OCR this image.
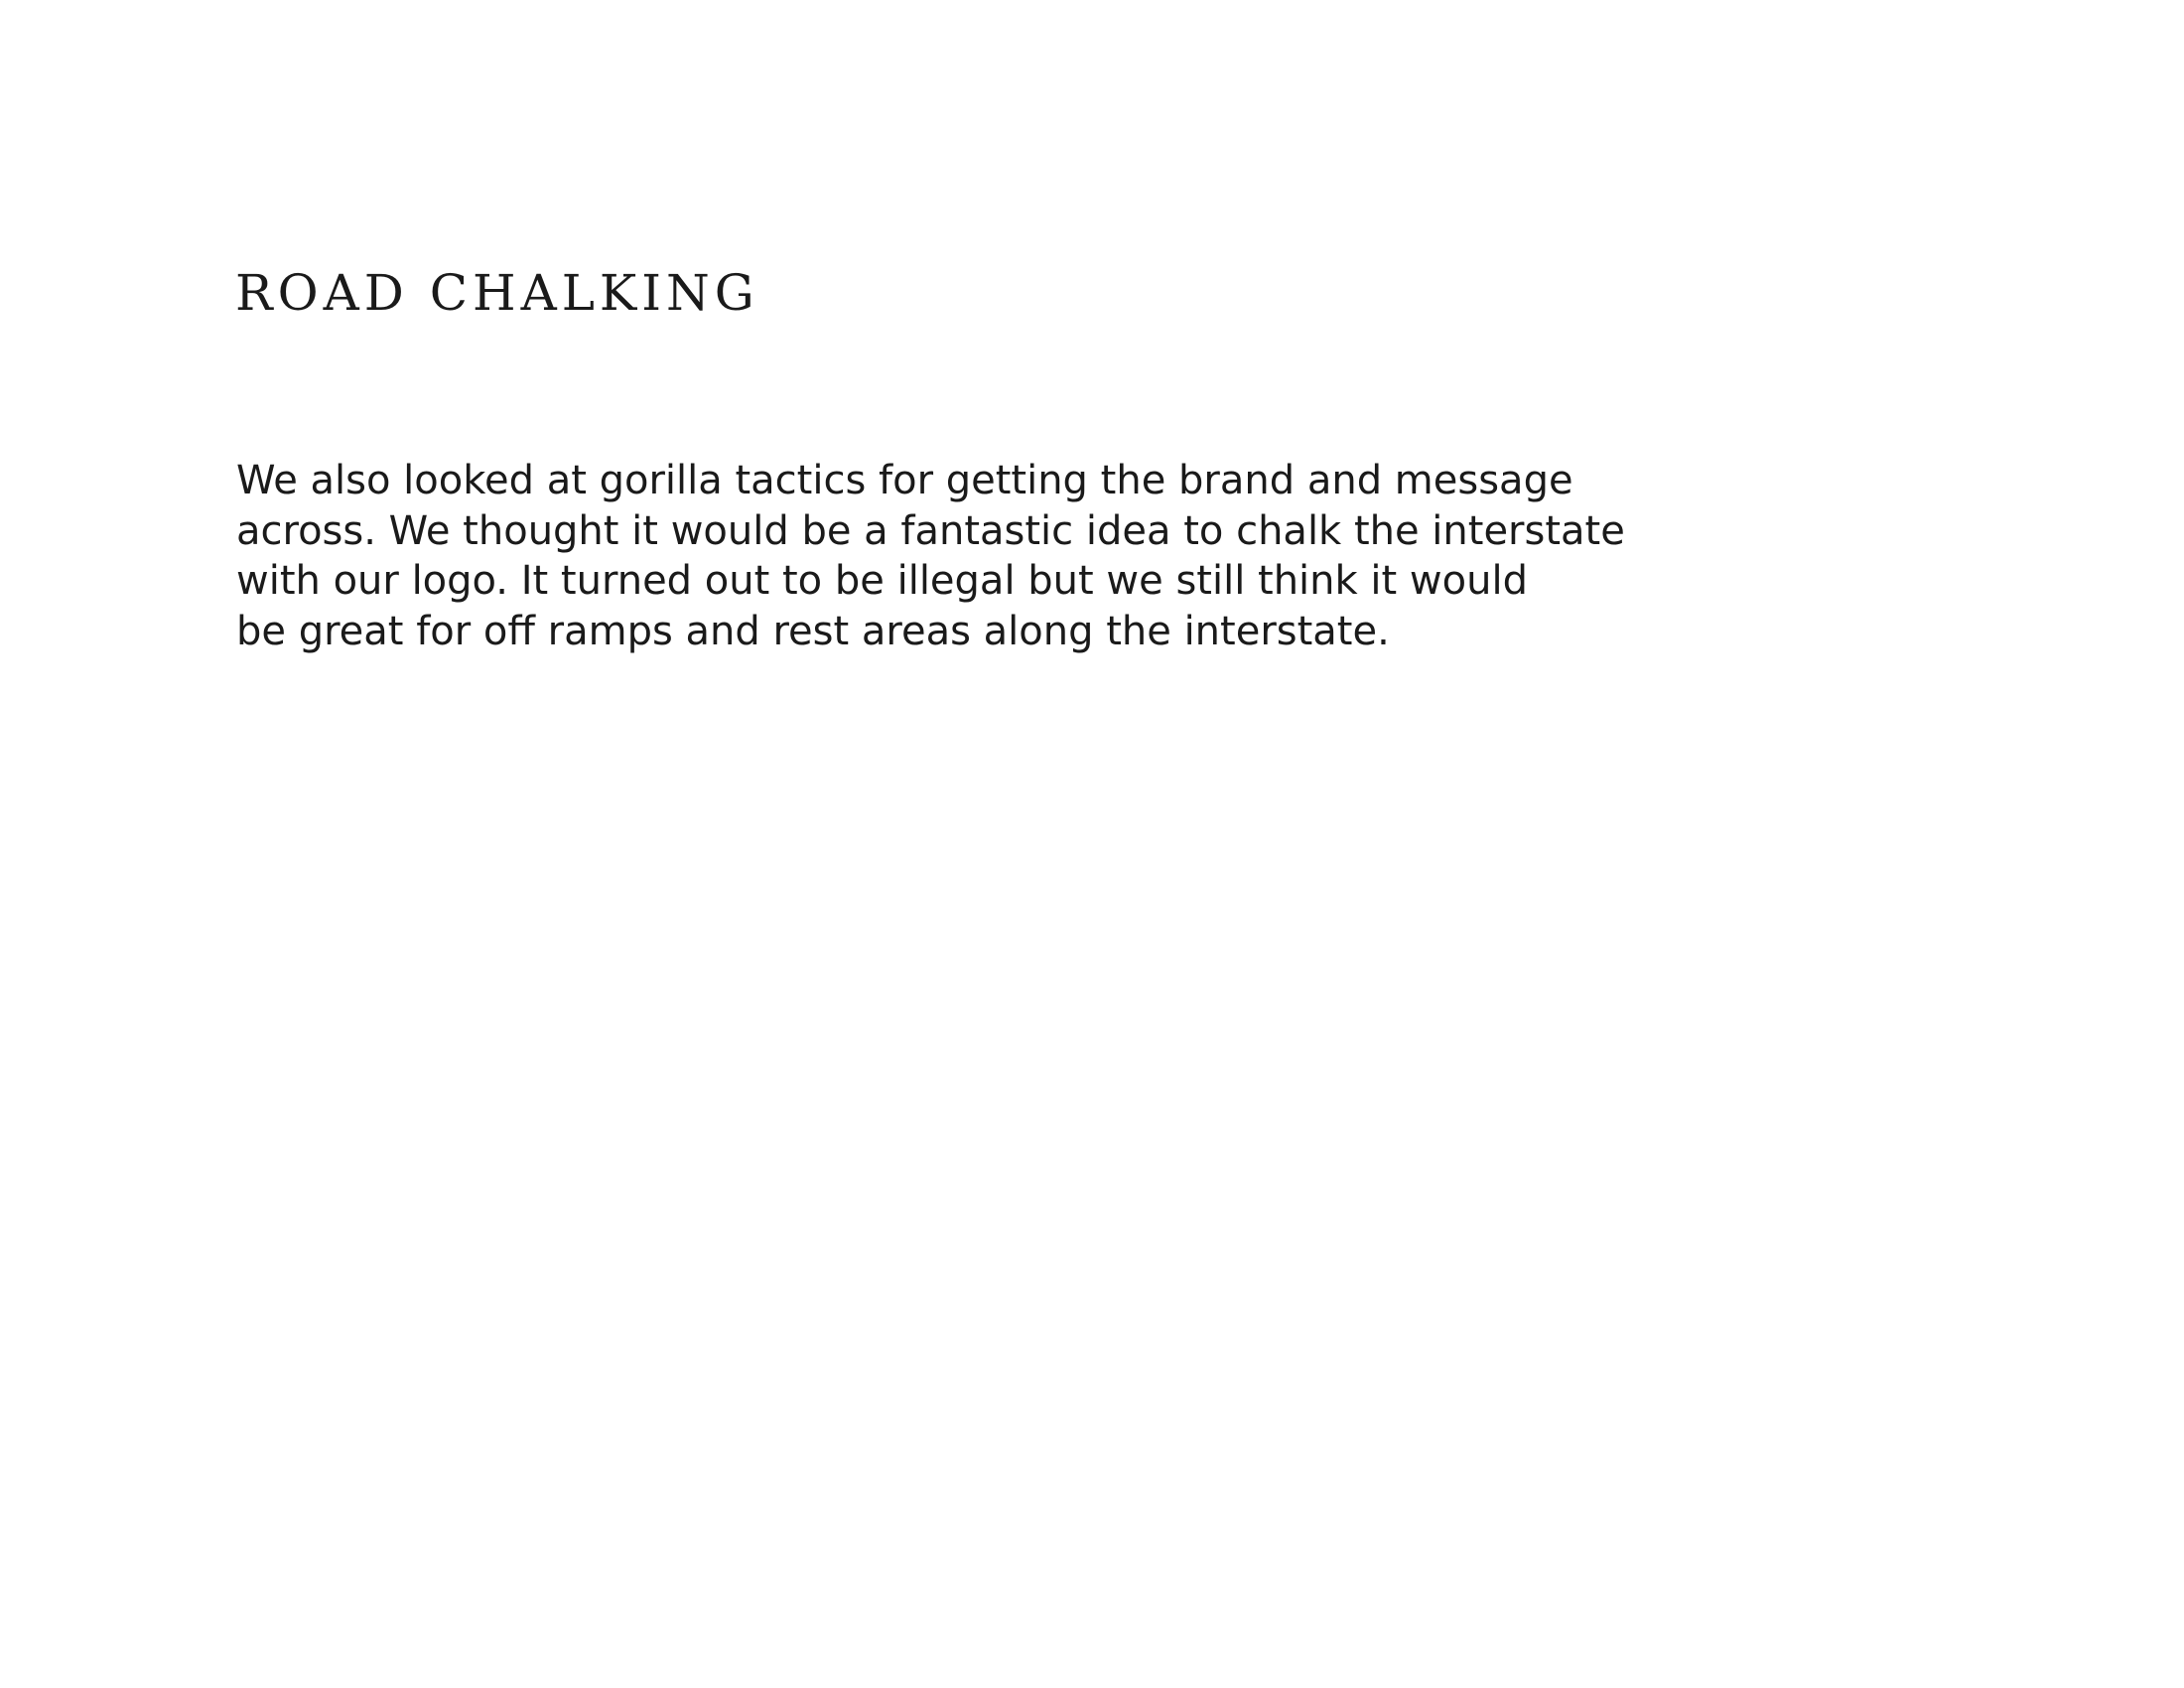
ROAD CHALKING

We also looked at gorilla tactics for getting the brand and message
across. We thought it would be a fantastic idea to chalk the interstate
with our logo. It turned out to be illegal but we still think it would
be great for off ramps and rest areas along the interstate.
